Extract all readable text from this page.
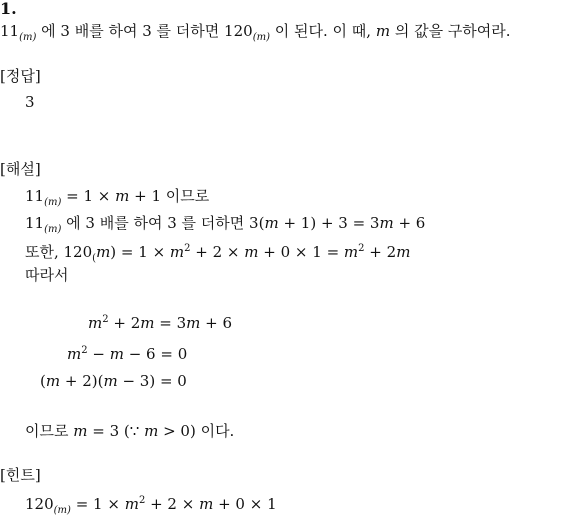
1.
$11_{(m)}$ 에 3 배를 하여 3 를 더하면 $120_{(m)}$ 이 된다. 이 때, m 의 값을 구하여라.
[정답]
3
[해설]
$11_{(m)} = 1 \times m + 1$ 이므로
$11_{(m)}$ 에 3 배를 하여 3 를 더하면 3(m + 1) + 3 = 3m + 6
또한, $120_(m) = 1 \times m^2 + 2 \times m + 0 \times 1 = m^2 + 2m$
따라서
$m^2 + 2m = 3m + 6$
$m^2 - m - 6 = 0$
(m + 2)(m − 3) = 0
이므로 m = 3 (∵ m > 0) 이다.
[힌트]
$120_{(m)} = 1 \times m^2 + 2 \times m + 0 \times 1$
